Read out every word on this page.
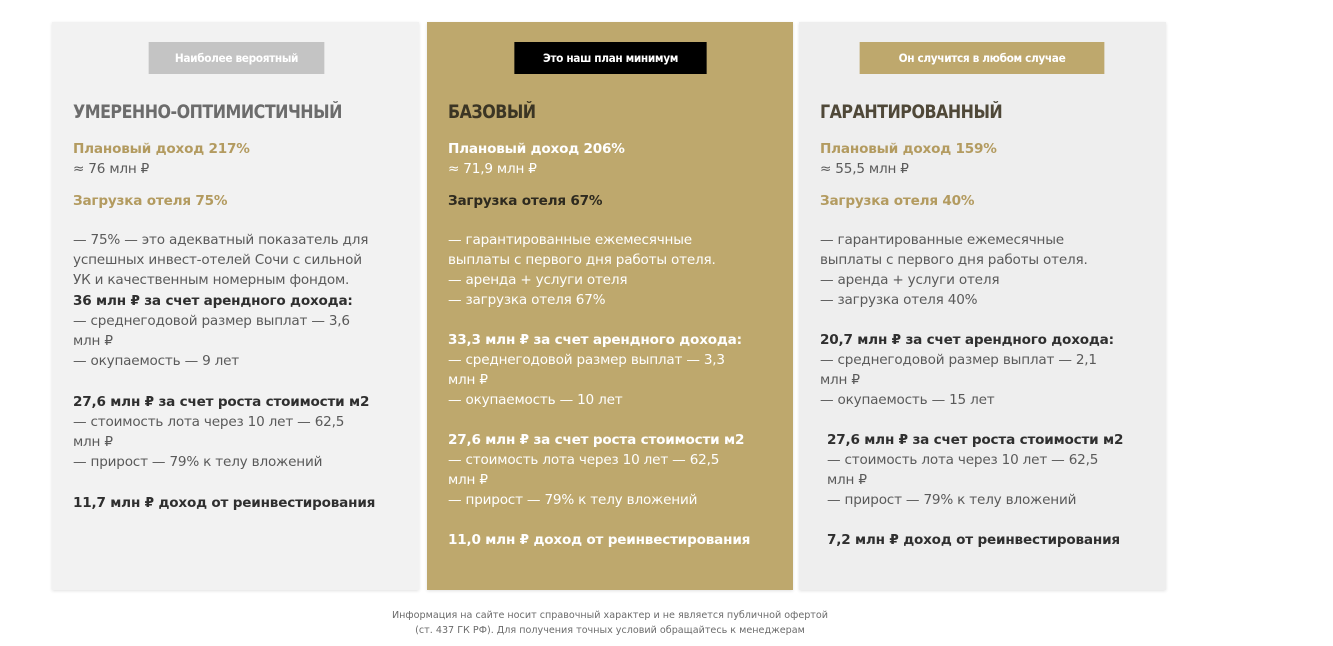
Наиболее вероятный
УМЕРЕННО-ОПТИМИСТИЧНЫЙ
Плановый доход 217%
≈ 76 млн ₽
Загрузка отеля 75%
— 75% — это адекватный показатель для
успешных инвест-отелей Сочи с сильной
УК и качественным номерным фондом.
36 млн ₽ за счет арендного дохода:
— среднегодовой размер выплат — 3,6
млн ₽
— окупаемость — 9 лет
27,6 млн ₽ за счет роста стоимости м2
— стоимость лота через 10 лет — 62,5
млн ₽
— прирост — 79% к телу вложений
11,7 млн ₽ доход от реинвестирования
Это наш план минимум
БАЗОВЫЙ
Плановый доход 206%
≈ 71,9 млн ₽
Загрузка отеля 67%
— гарантированные ежемесячные
выплаты с первого дня работы отеля.
— аренда + услуги отеля
— загрузка отеля 67%
33,3 млн ₽ за счет арендного дохода:
— среднегодовой размер выплат — 3,3
млн ₽
— окупаемость — 10 лет
27,6 млн ₽ за счет роста стоимости м2
— стоимость лота через 10 лет — 62,5
млн ₽
— прирост — 79% к телу вложений
11,0 млн ₽ доход от реинвестирования
Он случится в любом случае
ГАРАНТИРОВАННЫЙ
Плановый доход 159%
≈ 55,5 млн ₽
Загрузка отеля 40%
— гарантированные ежемесячные
выплаты с первого дня работы отеля.
— аренда + услуги отеля
— загрузка отеля 40%
20,7 млн ₽ за счет арендного дохода:
— среднегодовой размер выплат — 2,1
млн ₽
— окупаемость — 15 лет
27,6 млн ₽ за счет роста стоимости м2
— стоимость лота через 10 лет — 62,5
млн ₽
— прирост — 79% к телу вложений
7,2 млн ₽ доход от реинвестирования
Информация на сайте носит справочный характер и не является публичной офертой
(ст. 437 ГК РФ). Для получения точных условий обращайтесь к менеджерам
